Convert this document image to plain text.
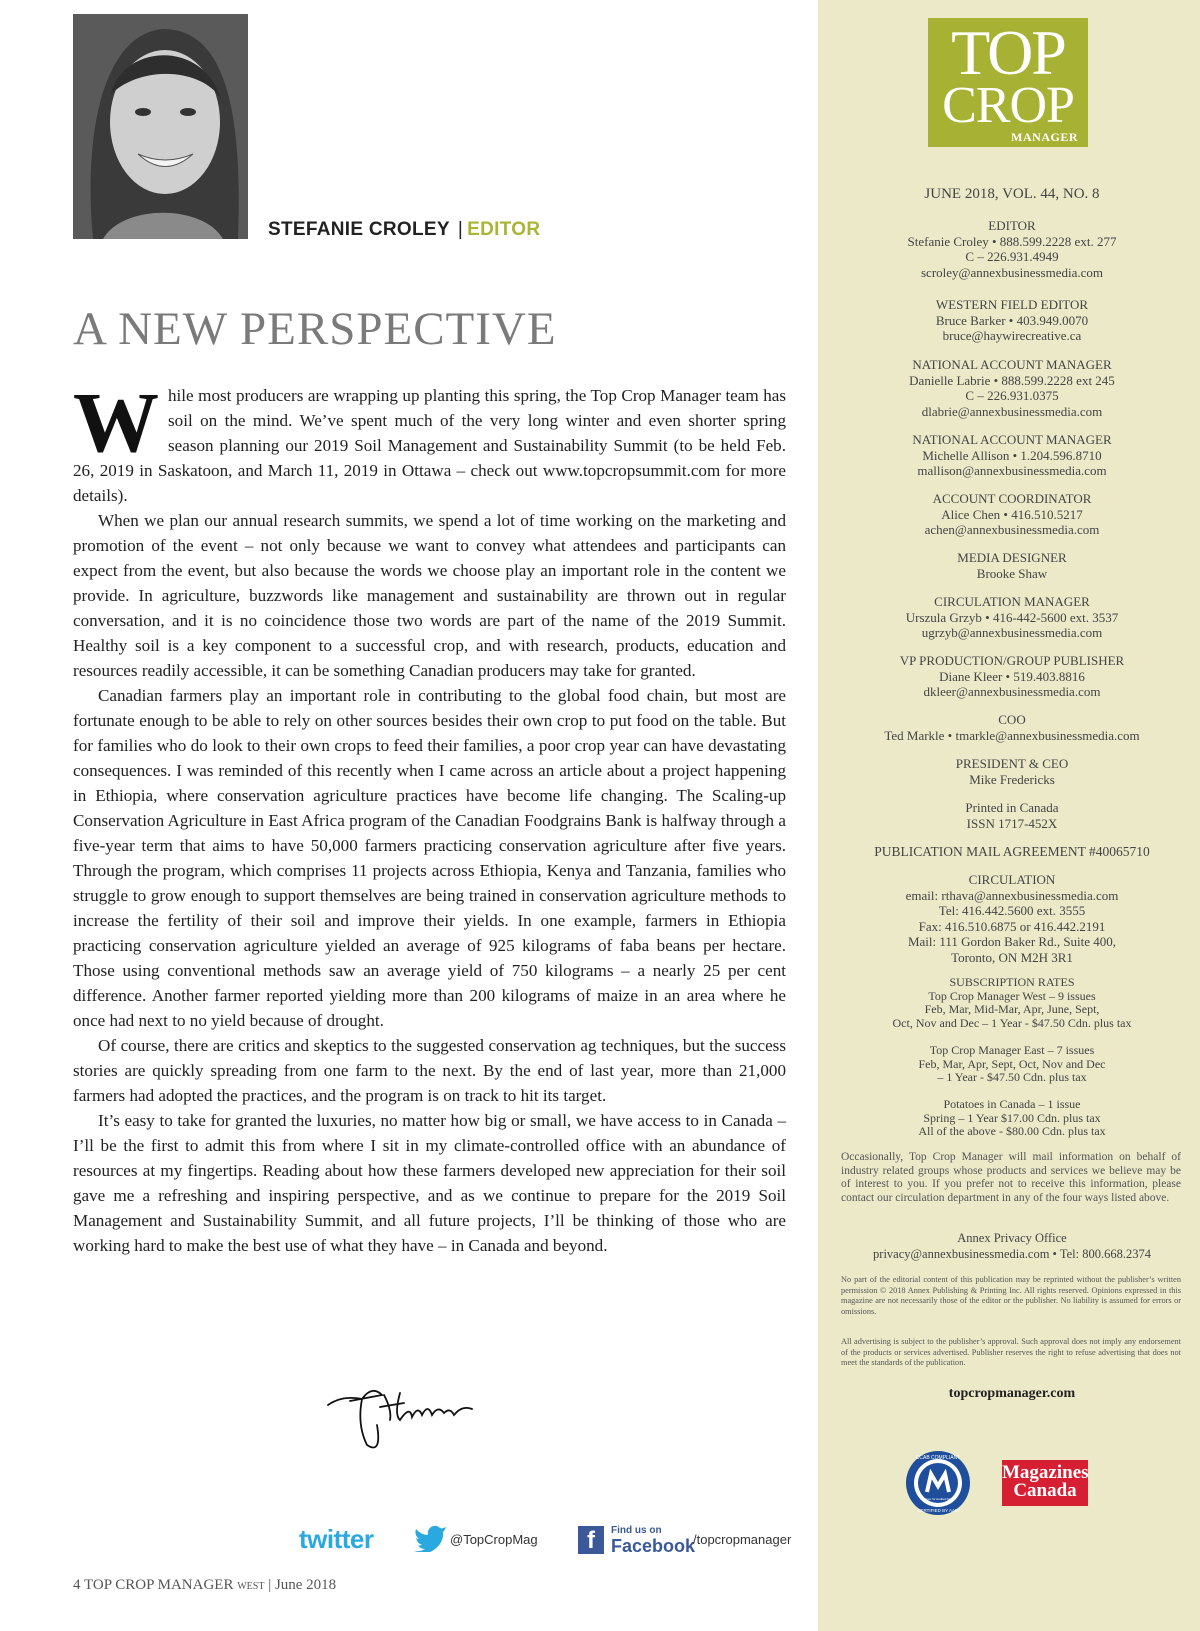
STEFANIE CROLEY | EDITOR
A NEW PERSPECTIVE

While most producers are wrapping up planting this spring, the Top Crop Manager team has soil on the mind. We’ve spent much of the very long winter and even shorter spring season planning our 2019 Soil Management and Sustainability Summit (to be held Feb. 26, 2019 in Saskatoon, and March 11, 2019 in Ottawa – check out www.topcropsummit.com for more details).

When we plan our annual research summits, we spend a lot of time working on the marketing and promotion of the event – not only because we want to convey what attendees and participants can expect from the event, but also because the words we choose play an important role in the content we provide. In agriculture, buzzwords like management and sustainability are thrown out in regular conversation, and it is no coincidence those two words are part of the name of the 2019 Summit. Healthy soil is a key component to a successful crop, and with research, products, education and resources readily accessible, it can be something Canadian producers may take for granted.

Canadian farmers play an important role in contributing to the global food chain, but most are fortunate enough to be able to rely on other sources besides their own crop to put food on the table. But for families who do look to their own crops to feed their families, a poor crop year can have devastating consequences. I was reminded of this recently when I came across an article about a project happening in Ethiopia, where conservation agriculture practices have become life changing. The Scaling-up Conservation Agriculture in East Africa program of the Canadian Foodgrains Bank is halfway through a five-year term that aims to have 50,000 farmers practicing conservation agriculture after five years. Through the program, which comprises 11 projects across Ethiopia, Kenya and Tanzania, families who struggle to grow enough to support themselves are being trained in conservation agriculture methods to increase the fertility of their soil and improve their yields. In one example, farmers in Ethiopia practicing conservation agriculture yielded an average of 925 kilograms of faba beans per hectare. Those using conventional methods saw an average yield of 750 kilograms – a nearly 25 per cent difference. Another farmer reported yielding more than 200 kilograms of maize in an area where he once had next to no yield because of drought.

Of course, there are critics and skeptics to the suggested conservation ag techniques, but the success stories are quickly spreading from one farm to the next. By the end of last year, more than 21,000 farmers had adopted the practices, and the program is on track to hit its target.

It’s easy to take for granted the luxuries, no matter how big or small, we have access to in Canada – I’ll be the first to admit this from where I sit in my climate-controlled office with an abundance of resources at my fingertips. Reading about how these farmers developed new appreciation for their soil gave me a refreshing and inspiring perspective, and as we continue to prepare for the 2019 Soil Management and Sustainability Summit, and all future projects, I’ll be thinking of those who are working hard to make the best use of what they have – in Canada and beyond.

twitter	@TopCropMag	f	Find us on
Facebook
/topcropmanager
4 TOP CROP MANAGER WEST | June 2018
TOP
CROP
MANAGER
JUNE 2018, VOL. 44, NO. 8
EDITOR
Stefanie Croley • 888.599.2228 ext. 277
C – 226.931.4949
scroley@annexbusinessmedia.com
WESTERN FIELD EDITOR
Bruce Barker • 403.949.0070
bruce@haywirecreative.ca
NATIONAL ACCOUNT MANAGER
Danielle Labrie • 888.599.2228 ext 245
C – 226.931.0375
dlabrie@annexbusinessmedia.com
NATIONAL ACCOUNT MANAGER
Michelle Allison • 1.204.596.8710
mallison@annexbusinessmedia.com
ACCOUNT COORDINATOR
Alice Chen • 416.510.5217
achen@annexbusinessmedia.com
MEDIA DESIGNER
Brooke Shaw
CIRCULATION MANAGER
Urszula Grzyb • 416-442-5600 ext. 3537
ugrzyb@annexbusinessmedia.com
VP PRODUCTION/GROUP PUBLISHER
Diane Kleer • 519.403.8816
dkleer@annexbusinessmedia.com
COO
Ted Markle • tmarkle@annexbusinessmedia.com
PRESIDENT & CEO
Mike Fredericks
Printed in Canada
ISSN 1717-452X
PUBLICATION MAIL AGREEMENT #40065710
CIRCULATION
email: rthava@annexbusinessmedia.com
Tel: 416.442.5600 ext. 3555
Fax: 416.510.6875 or 416.442.2191
Mail: 111 Gordon Baker Rd., Suite 400,
Toronto, ON M2H 3R1
SUBSCRIPTION RATES
Top Crop Manager West – 9 issues
Feb, Mar, Mid-Mar, Apr, June, Sept,
Oct, Nov and Dec – 1 Year - $47.50 Cdn. plus tax
Top Crop Manager East – 7 issues
Feb, Mar, Apr, Sept, Oct, Nov and Dec
– 1 Year - $47.50 Cdn. plus tax
Potatoes in Canada – 1 issue
Spring – 1 Year $17.00 Cdn. plus tax
All of the above - $80.00 Cdn. plus tax
Occasionally, Top Crop Manager will mail information on behalf of industry related groups whose products and services we believe may be of interest to you. If you prefer not to receive this information, please contact our circulation department in any of the four ways listed above.
Annex Privacy Office
privacy@annexbusinessmedia.com • Tel: 800.668.2374
No part of the editorial content of this publication may be reprinted without the publisher’s written permission © 2018 Annex Publishing & Printing Inc. All rights reserved. Opinions expressed in this magazine are not necessarily those of the editor or the publisher. No liability is assumed for errors or omissions.
All advertising is subject to the publisher’s approval. Such approval does not imply any endorsement of the products or services advertised. Publisher reserves the right to refuse advertising that does not meet the standards of the publication.
topcropmanager.com
CCAB COMPLIANT
CERTIFIED BY AAM
Alliance for Audited Media
Magazines
Canada
